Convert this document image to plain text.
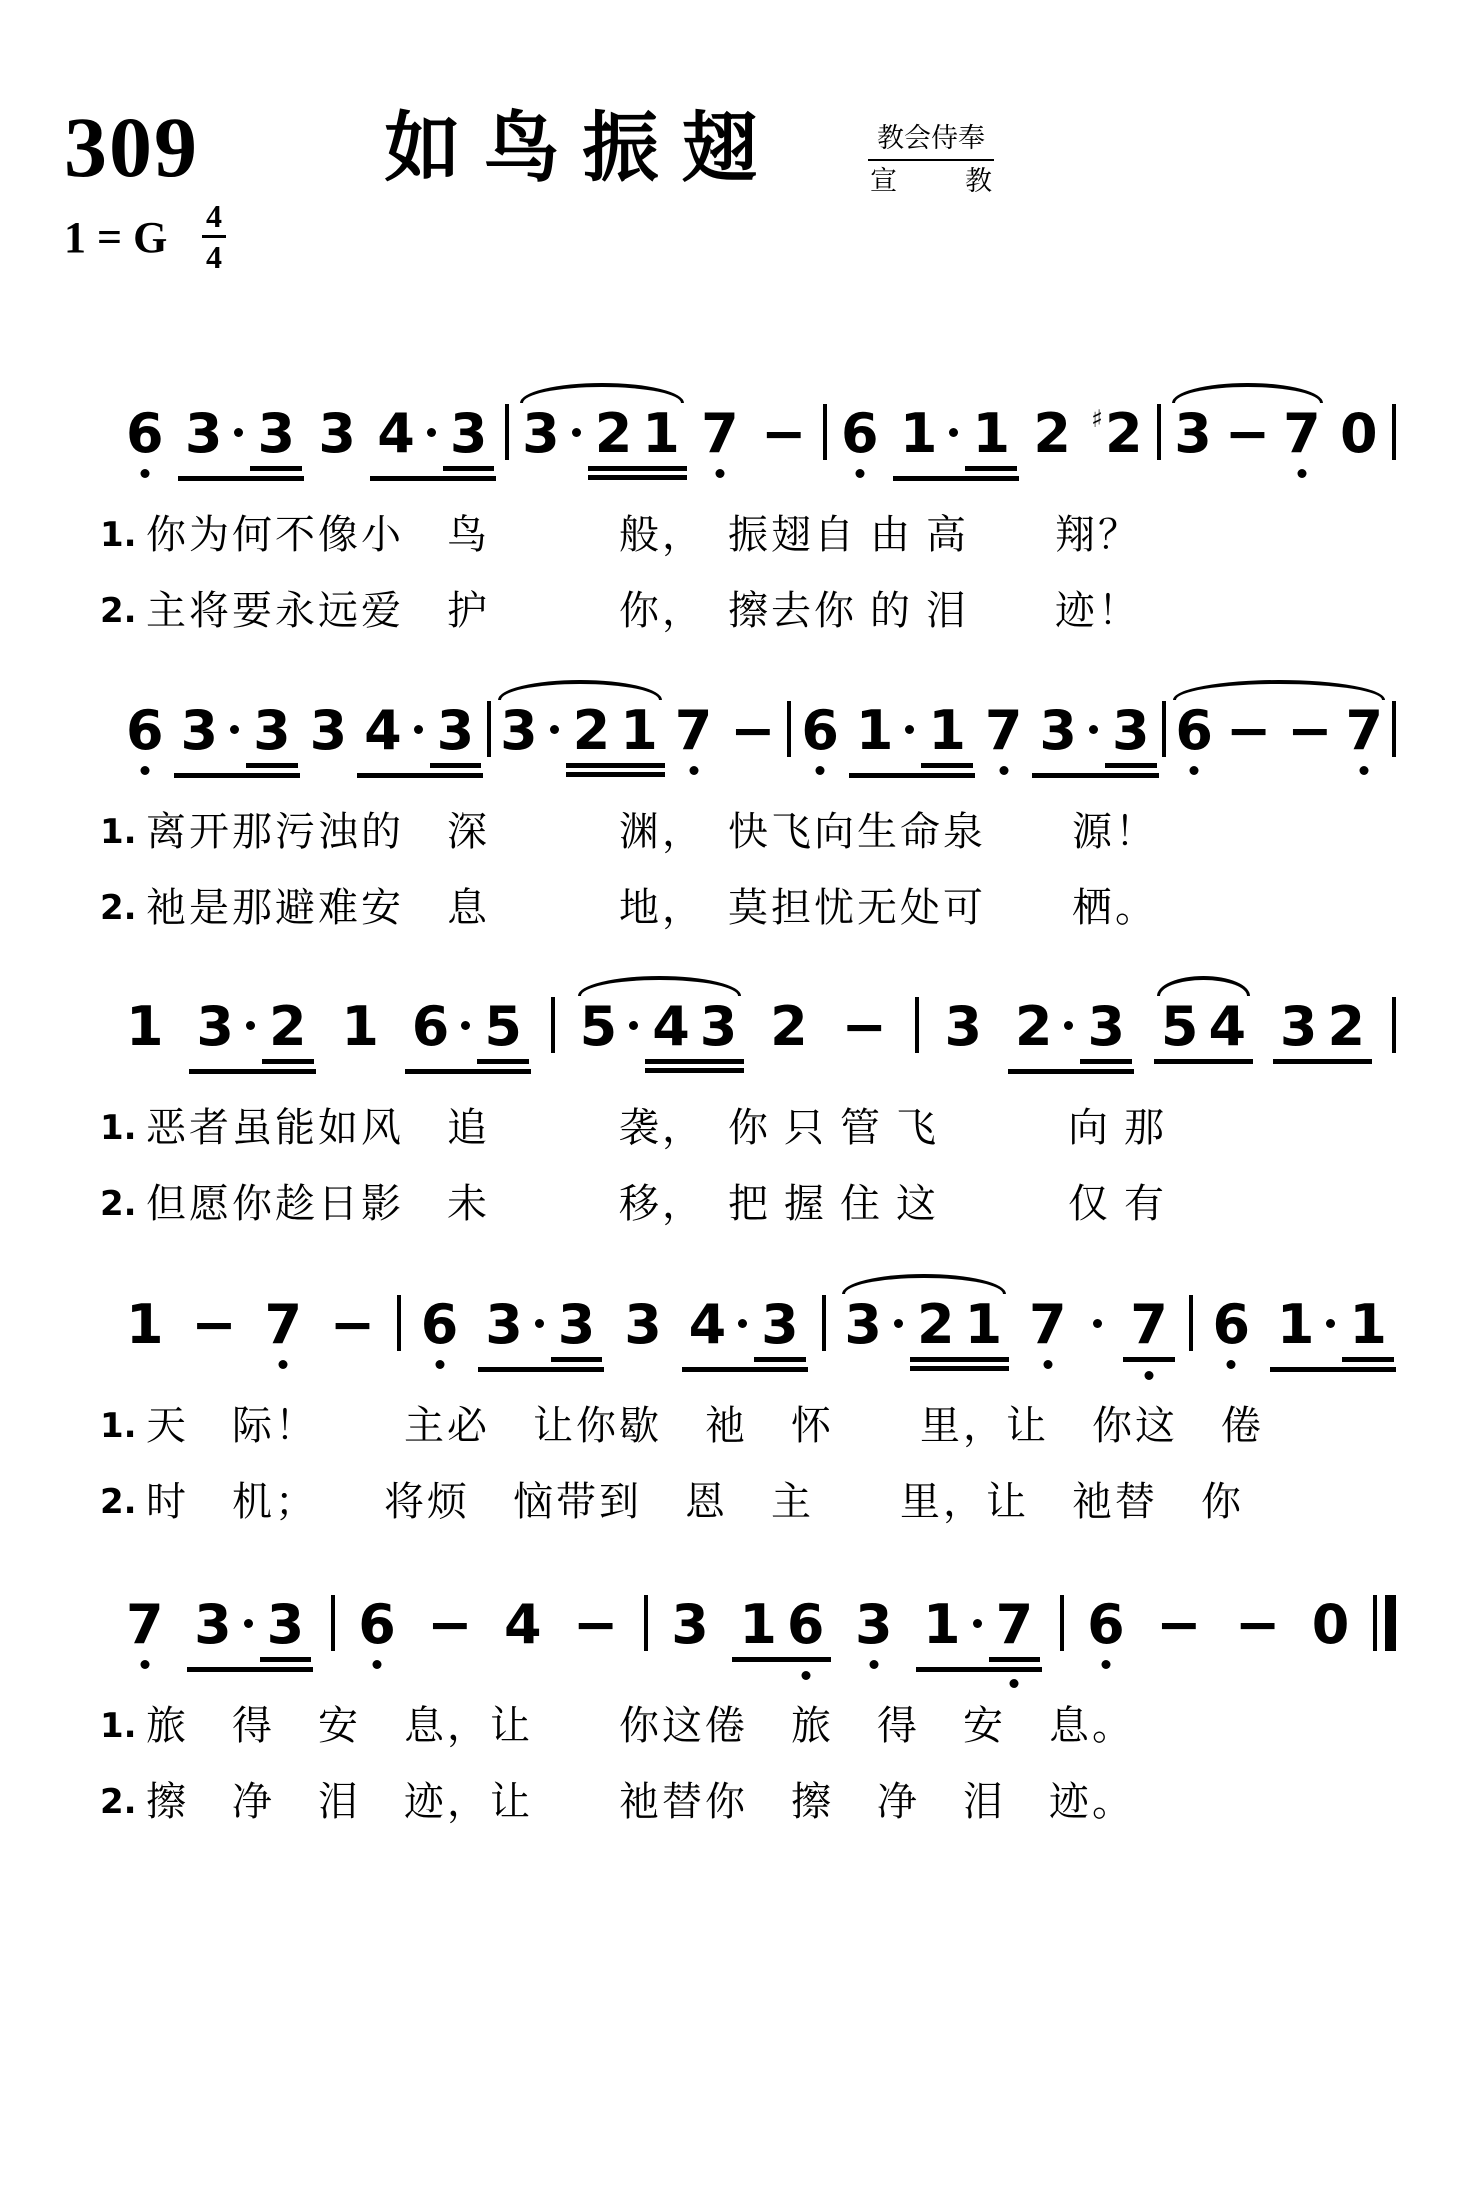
309	如 鸟 振 翅	教会侍奉
宣	教
1 = G $\frac{4}{4}$
6 3 3 3 4 3 3 2 1 7 − 6 1 1 2 ♯2 3 − 7 0
1. 你为何不像小　鸟　　　般，　振翅自 由 高　　翔？
2. 主将要永远爱　护　　　你，　擦去你 的 泪　　迹！
6 3 3 3 4 3 3 2 1 7 − 6 1 1 7 3 3 6 − − 7
1. 离开那污浊的　深　　　渊，　快飞向生命泉　　源！
2. 祂是那避难安　息　　　地，　莫担忧无处可　　栖。
1 3 2 1 6 5 5 4 3 2 − 3 2 3 5 4 3 2
1. 恶者虽能如风　追　　　袭，　你 只 管 飞　　　向 那
2. 但愿你趁日影　未　　　移，　把 握 住 这　　　仅 有
1 − 7 − 6 3 3 3 4 3 3 2 1 7 7 6 1 1
1. 天　际！　　主必　让你歇　祂　怀　　里，让　你这　倦
2. 时　机；　　将烦　恼带到　恩　主　　里，让　祂替　你
7 3 3 6 − 4 − 3 1 6 3 1 7 6 − − 0
1. 旅　得　安　息，让　　你这倦　旅　得　安　息。
2. 擦　净　泪　迹，让　　祂替你　擦　净　泪　迹。
